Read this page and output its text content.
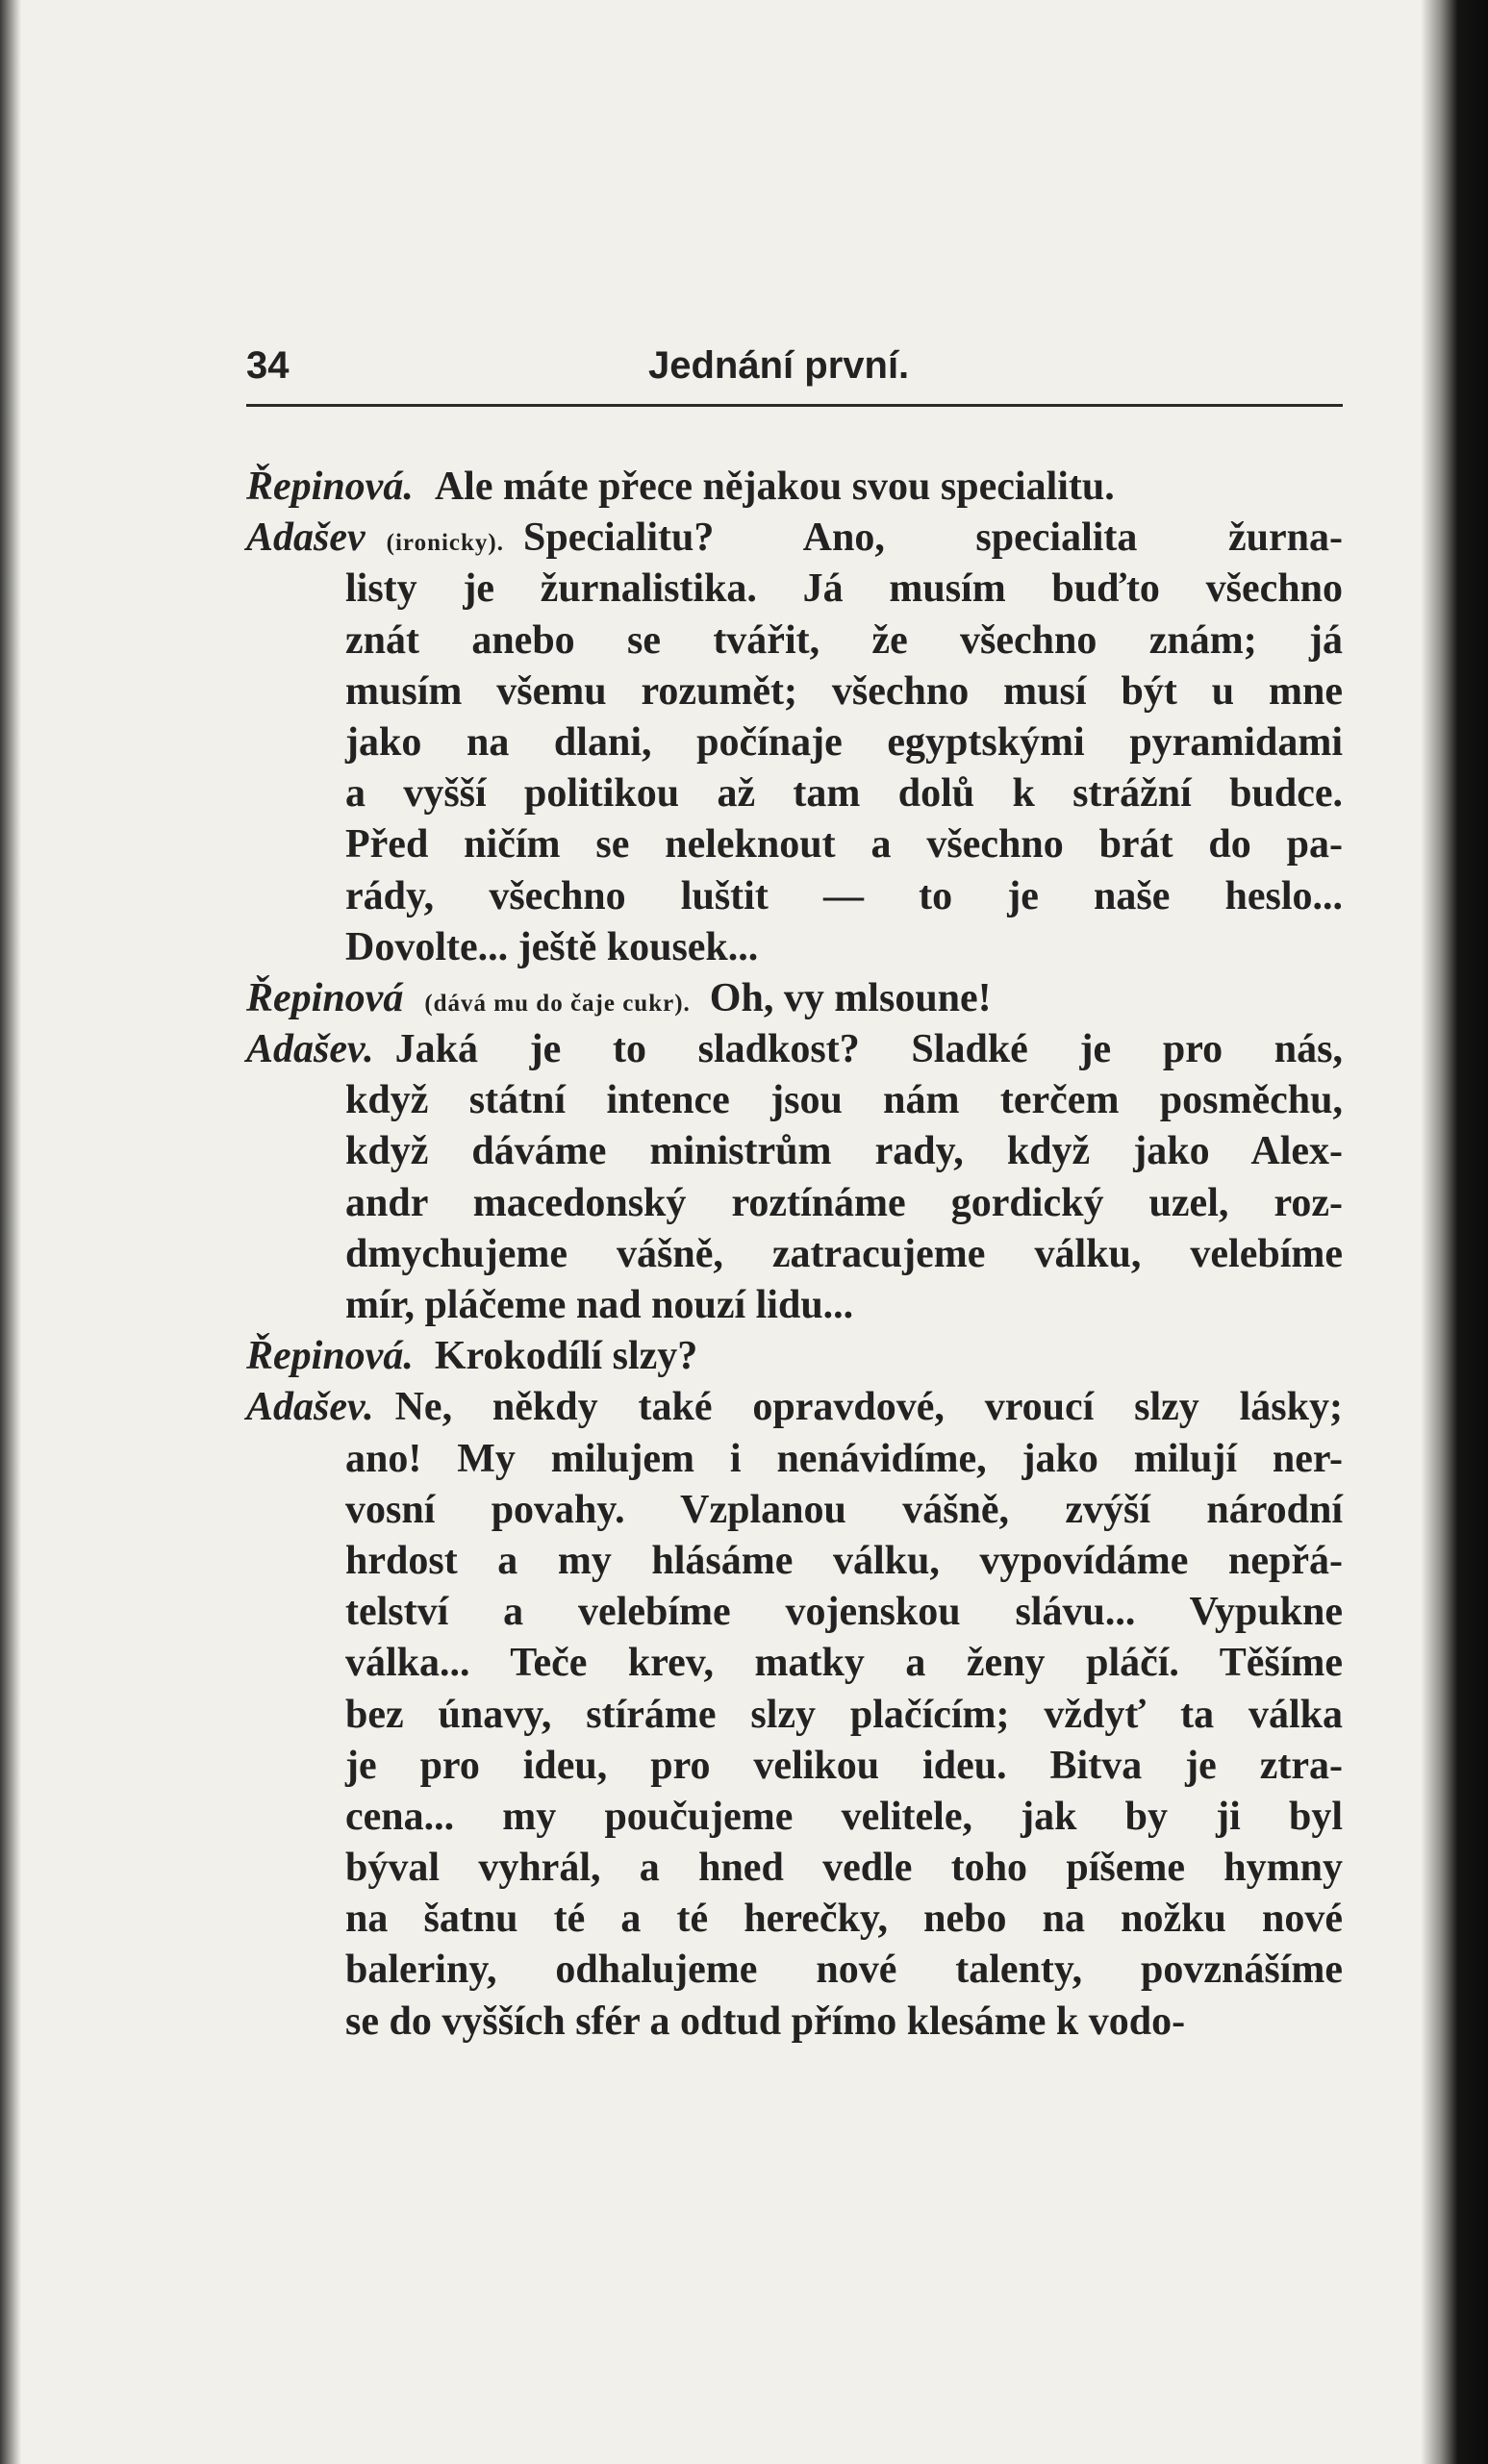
34	Jednání první.
Řepinová. Ale máte přece nějakou svou specialitu.
Adašev (ironicky). Specialitu? Ano, specialita žurna-
listy je žurnalistika. Já musím buďto všechno
znát anebo se tvářit, že všechno znám; já
musím všemu rozumět; všechno musí být u mne
jako na dlani, počínaje egyptskými pyramidami
a vyšší politikou až tam dolů k strážní budce.
Před ničím se neleknout a všechno brát do pa-
rády, všechno luštit — to je naše heslo...
Dovolte... ještě kousek...
Řepinová (dává mu do čaje cukr). Oh, vy mlsoune!
Adašev. Jaká je to sladkost? Sladké je pro nás,
když státní intence jsou nám terčem posměchu,
když dáváme ministrům rady, když jako Alex-
andr macedonský roztínáme gordický uzel, roz-
dmychujeme vášně, zatracujeme válku, velebíme
mír, pláčeme nad nouzí lidu...
Řepinová. Krokodílí slzy?
Adašev. Ne, někdy také opravdové, vroucí slzy lásky;
ano! My milujem i nenávidíme, jako milují ner-
vosní povahy. Vzplanou vášně, zvýší národní
hrdost a my hlásáme válku, vypovídáme nepřá-
telství a velebíme vojenskou slávu... Vypukne
válka... Teče krev, matky a ženy pláčí. Těšíme
bez únavy, stíráme slzy plačícím; vždyť ta válka
je pro ideu, pro velikou ideu. Bitva je ztra-
cena... my poučujeme velitele, jak by ji byl
býval vyhrál, a hned vedle toho píšeme hymny
na šatnu té a té herečky, nebo na nožku nové
baleriny, odhalujeme nové talenty, povznášíme
se do vyšších sfér a odtud přímo klesáme k vodo-
